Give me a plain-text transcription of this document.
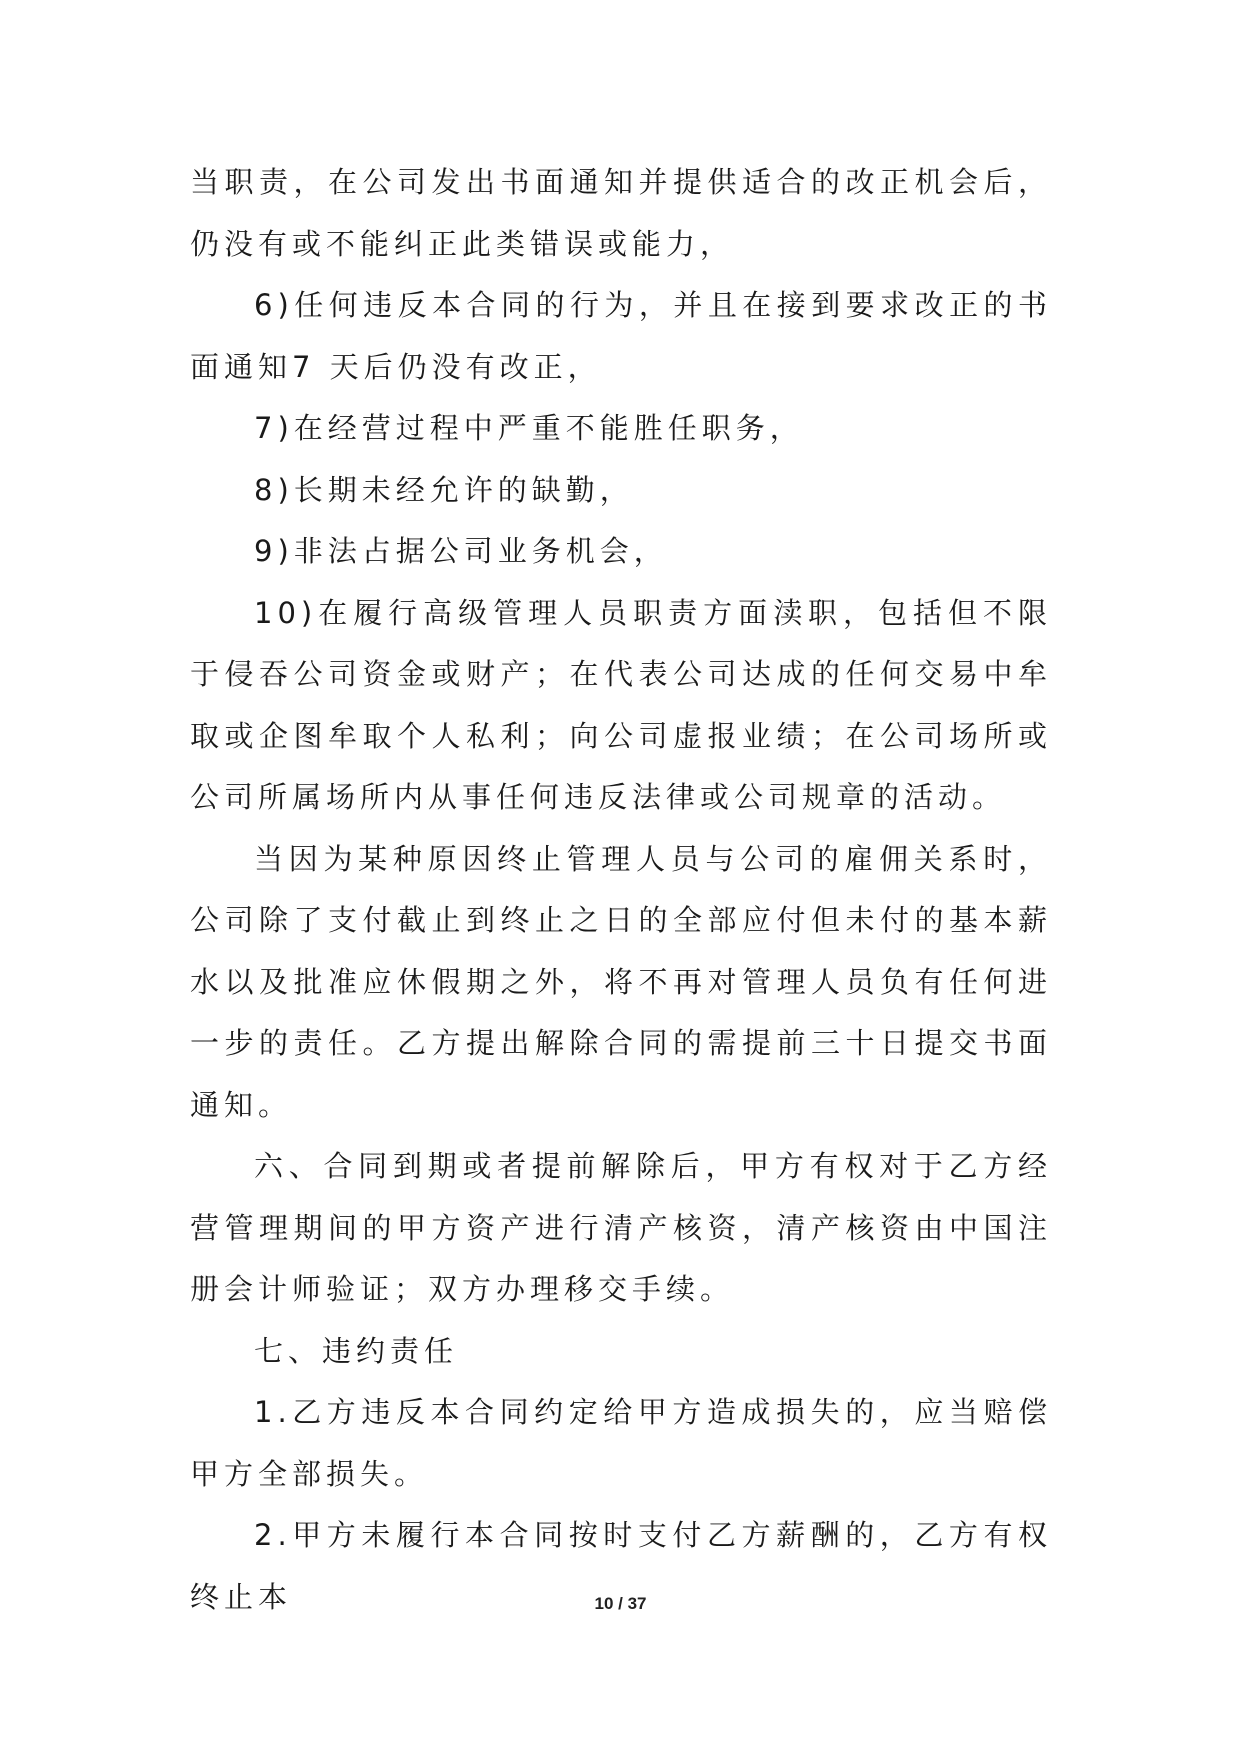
当职责，在公司发出书面通知并提供适合的改正机会后，仍没有或不能纠正此类错误或能力，

6)任何违反本合同的行为，并且在接到要求改正的书面通知7 天后仍没有改正，

7)在经营过程中严重不能胜任职务，

8)长期未经允许的缺勤，

9)非法占据公司业务机会，

10)在履行高级管理人员职责方面渎职，包括但不限于侵吞公司资金或财产；在代表公司达成的任何交易中牟取或企图牟取个人私利；向公司虚报业绩；在公司场所或公司所属场所内从事任何违反法律或公司规章的活动。

当因为某种原因终止管理人员与公司的雇佣关系时，公司除了支付截止到终止之日的全部应付但未付的基本薪水以及批准应休假期之外，将不再对管理人员负有任何进一步的责任。乙方提出解除合同的需提前三十日提交书面通知。

六、合同到期或者提前解除后，甲方有权对于乙方经营管理期间的甲方资产进行清产核资，清产核资由中国注册会计师验证；双方办理移交手续。

七、违约责任

1.乙方违反本合同约定给甲方造成损失的，应当赔偿甲方全部损失。

2.甲方未履行本合同按时支付乙方薪酬的，乙方有权终止本	10 / 37
